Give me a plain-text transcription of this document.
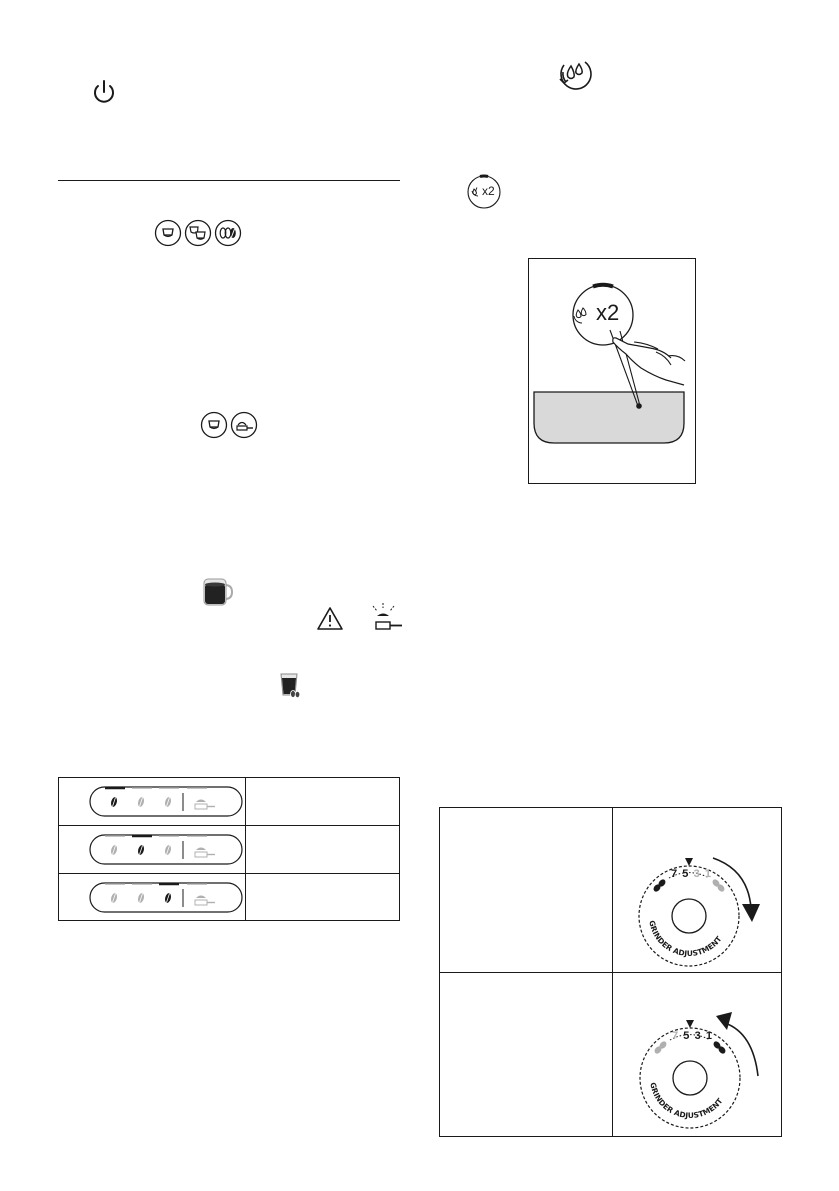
x2
x2

GRINDER ADJUSTMENT
7 5 3 1

GRINDER ADJUSTMENT
7 5 3 1
